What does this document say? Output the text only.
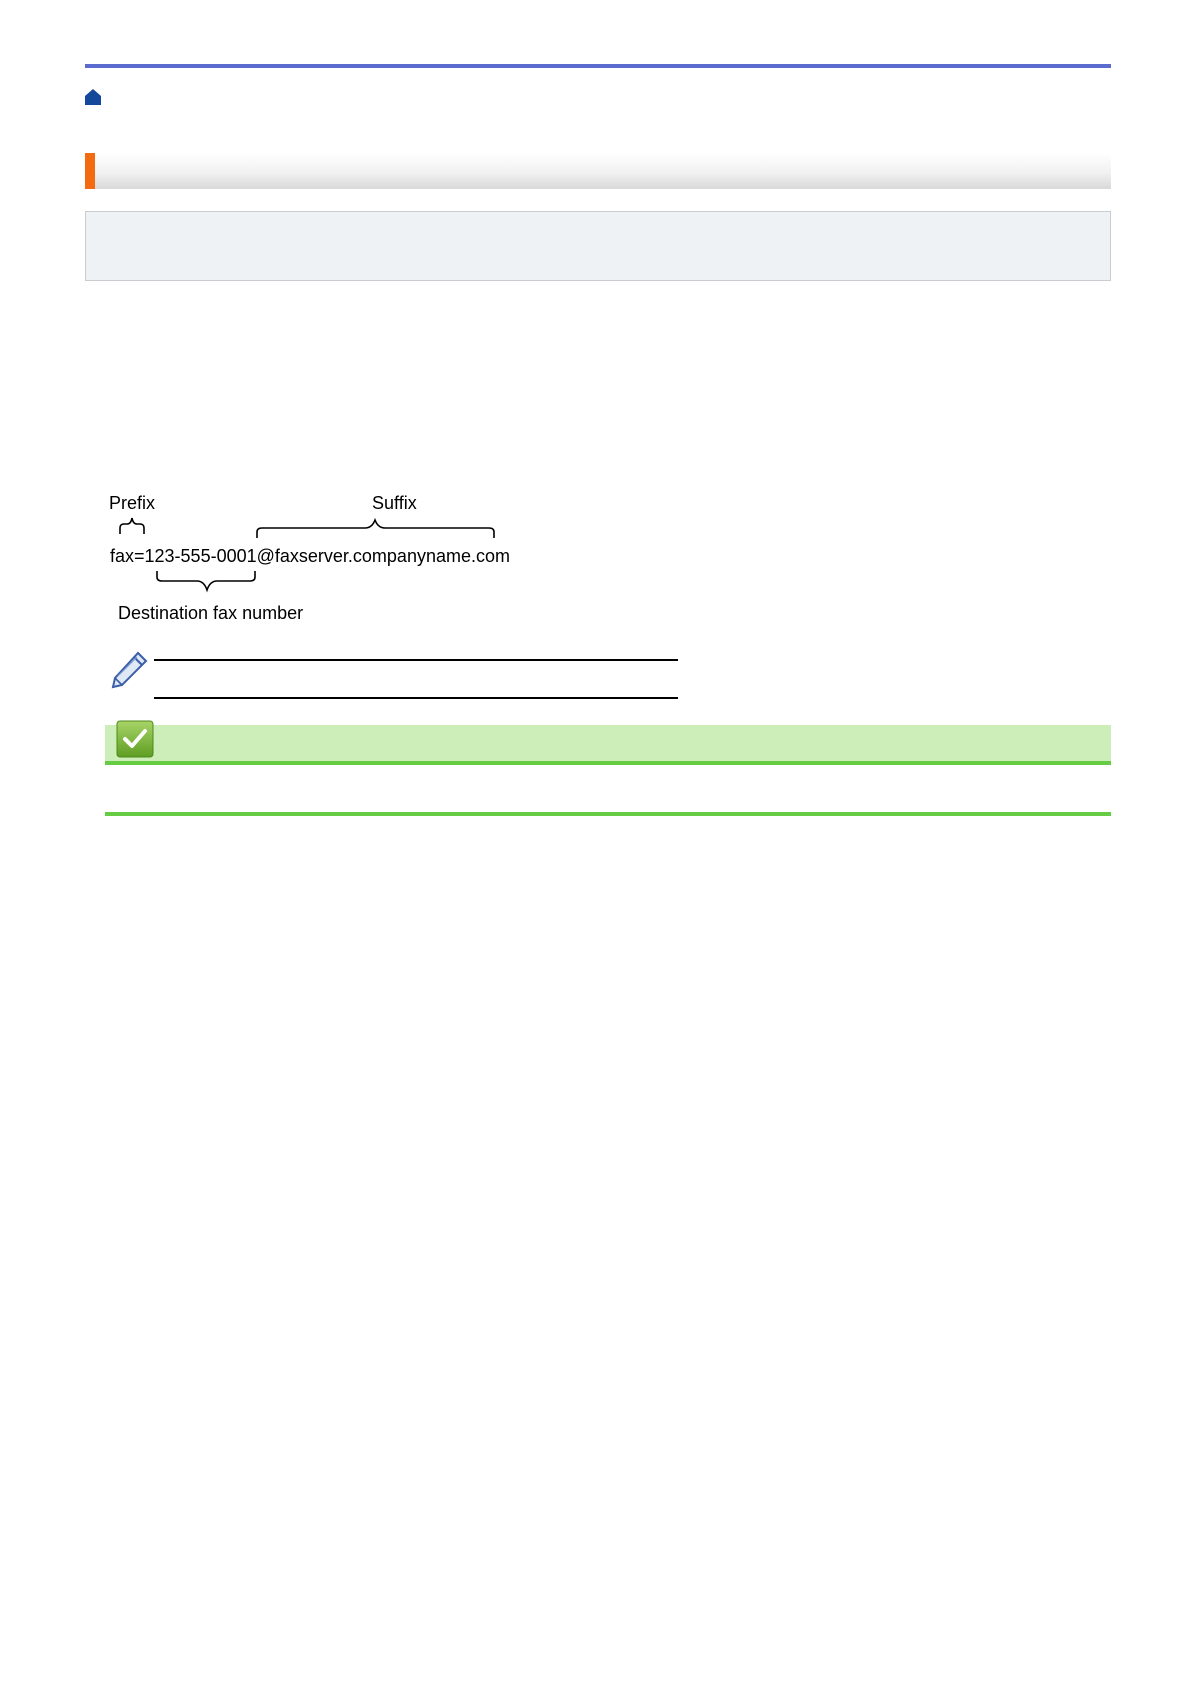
Prefix	Suffix
fax=123-555-0001@faxserver.companyname.com
Destination fax number
